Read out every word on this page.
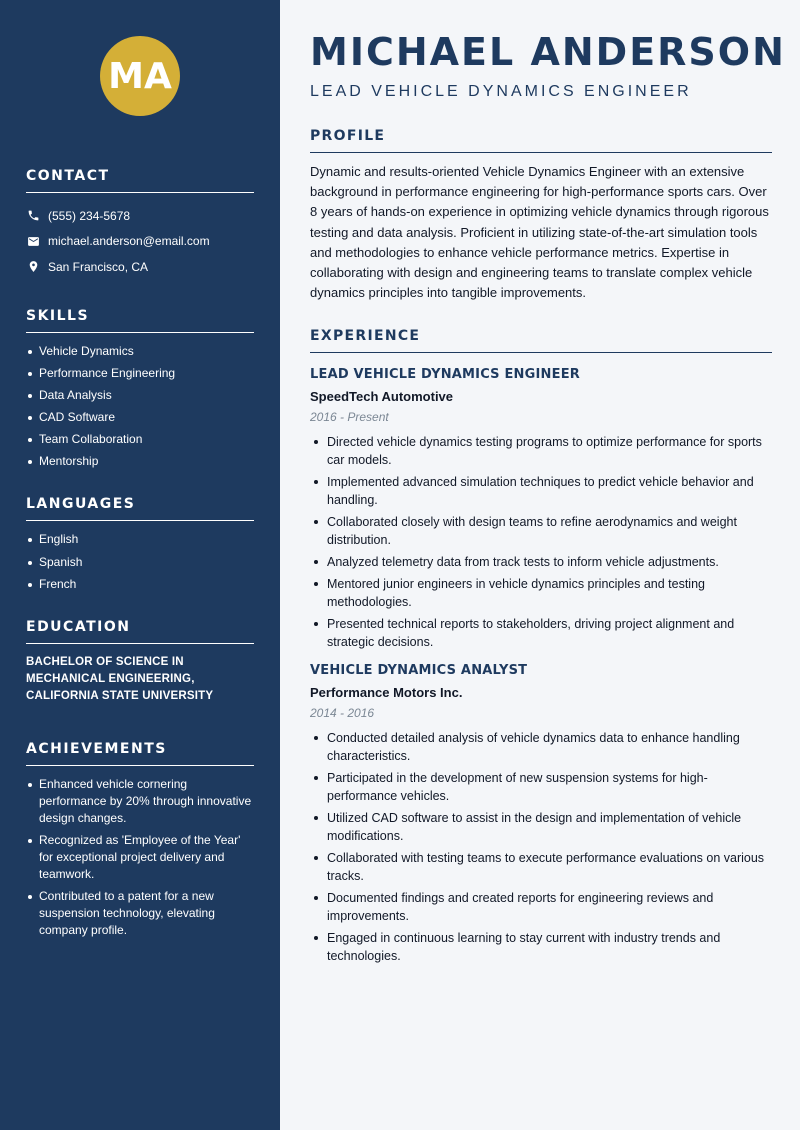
MA
CONTACT
(555) 234-5678
michael.anderson@email.com
San Francisco, CA
SKILLS
Vehicle Dynamics
Performance Engineering
Data Analysis
CAD Software
Team Collaboration
Mentorship
LANGUAGES
English
Spanish
French
EDUCATION
BACHELOR OF SCIENCE IN MECHANICAL ENGINEERING, CALIFORNIA STATE UNIVERSITY
ACHIEVEMENTS
Enhanced vehicle cornering performance by 20% through innovative design changes.
Recognized as 'Employee of the Year' for exceptional project delivery and teamwork.
Contributed to a patent for a new suspension technology, elevating company profile.
MICHAEL ANDERSON
LEAD VEHICLE DYNAMICS ENGINEER
PROFILE
Dynamic and results-oriented Vehicle Dynamics Engineer with an extensive background in performance engineering for high-performance sports cars. Over 8 years of hands-on experience in optimizing vehicle dynamics through rigorous testing and data analysis. Proficient in utilizing state-of-the-art simulation tools and methodologies to enhance vehicle performance metrics. Expertise in collaborating with design and engineering teams to translate complex vehicle dynamics principles into tangible improvements.
EXPERIENCE
LEAD VEHICLE DYNAMICS ENGINEER
SpeedTech Automotive
2016 - Present
Directed vehicle dynamics testing programs to optimize performance for sports car models.
Implemented advanced simulation techniques to predict vehicle behavior and handling.
Collaborated closely with design teams to refine aerodynamics and weight distribution.
Analyzed telemetry data from track tests to inform vehicle adjustments.
Mentored junior engineers in vehicle dynamics principles and testing methodologies.
Presented technical reports to stakeholders, driving project alignment and strategic decisions.
VEHICLE DYNAMICS ANALYST
Performance Motors Inc.
2014 - 2016
Conducted detailed analysis of vehicle dynamics data to enhance handling characteristics.
Participated in the development of new suspension systems for high-performance vehicles.
Utilized CAD software to assist in the design and implementation of vehicle modifications.
Collaborated with testing teams to execute performance evaluations on various tracks.
Documented findings and created reports for engineering reviews and improvements.
Engaged in continuous learning to stay current with industry trends and technologies.
